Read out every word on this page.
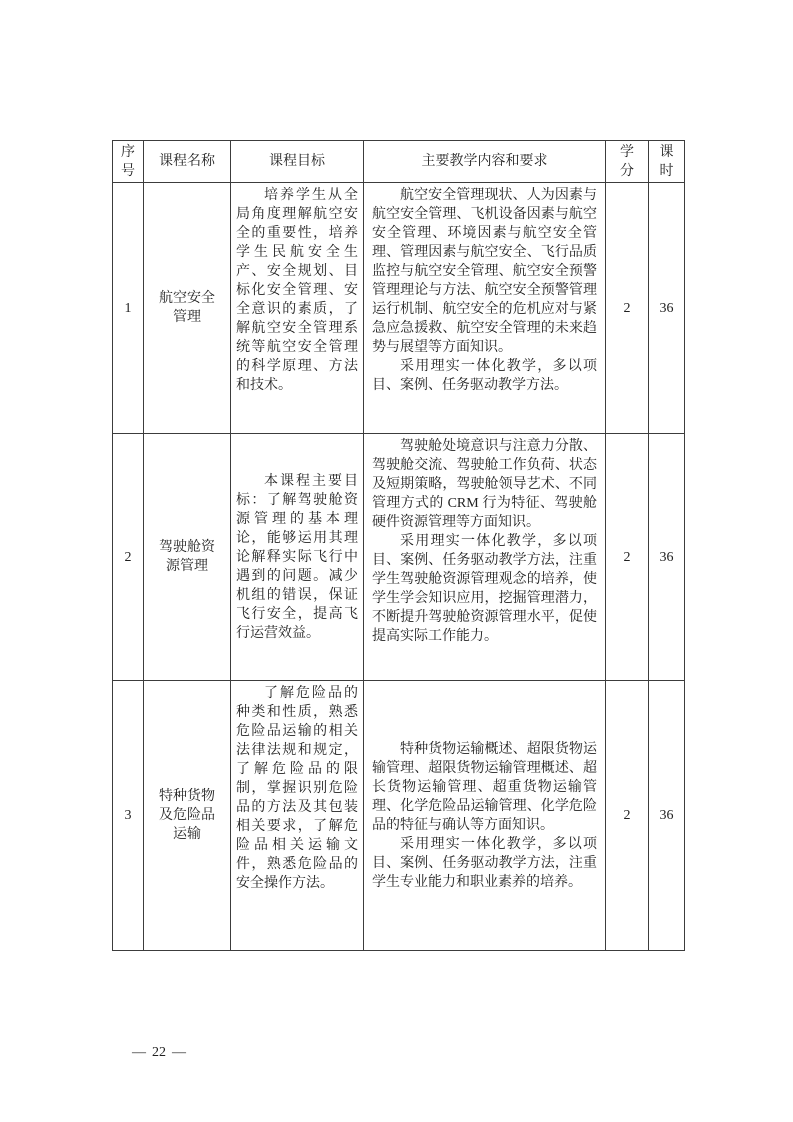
序号	课程名称	课程目标	主要教学内容和要求	学分	课时

1	航空安全管理	培养学生从全局角度理解航空安全的重要性，培养学生民航安全生产、安全规划、目标化安全管理、安全意识的素质，了解航空安全管理系统等航空安全管理的科学原理、方法和技术。	航空安全管理现状、人为因素与航空安全管理、飞机设备因素与航空安全管理、环境因素与航空安全管理、管理因素与航空安全、飞行品质监控与航空安全管理、航空安全预警管理理论与方法、航空安全预警管理运行机制、航空安全的危机应对与紧急应急援救、航空安全管理的未来趋势与展望等方面知识。

采用理实一体化教学，多以项目、案例、任务驱动教学方法。	2	36
2	驾驶舱资源管理	本课程主要目标：了解驾驶舱资源管理的基本理论，能够运用其理论解释实际飞行中遇到的问题。减少机组的错误，保证飞行安全，提高飞行运营效益。	驾驶舱处境意识与注意力分散、驾驶舱交流、驾驶舱工作负荷、状态及短期策略，驾驶舱领导艺术、不同管理方式的 CRM 行为特征、驾驶舱硬件资源管理等方面知识。

采用理实一体化教学，多以项目、案例、任务驱动教学方法，注重学生驾驶舱资源管理观念的培养，使学生学会知识应用，挖掘管理潜力，不断提升驾驶舱资源管理水平，促使提高实际工作能力。	2	36
3	特种货物及危险品运输	了解危险品的种类和性质，熟悉危险品运输的相关法律法规和规定，了解危险品的限制，掌握识别危险品的方法及其包装相关要求，了解危险品相关运输文件，熟悉危险品的安全操作方法。	特种货物运输概述、超限货物运输管理、超限货物运输管理概述、超长货物运输管理、超重货物运输管理、化学危险品运输管理、化学危险品的特征与确认等方面知识。

采用理实一体化教学，多以项目、案例、任务驱动教学方法，注重学生专业能力和职业素养的培养。	2	36
— 22 —
